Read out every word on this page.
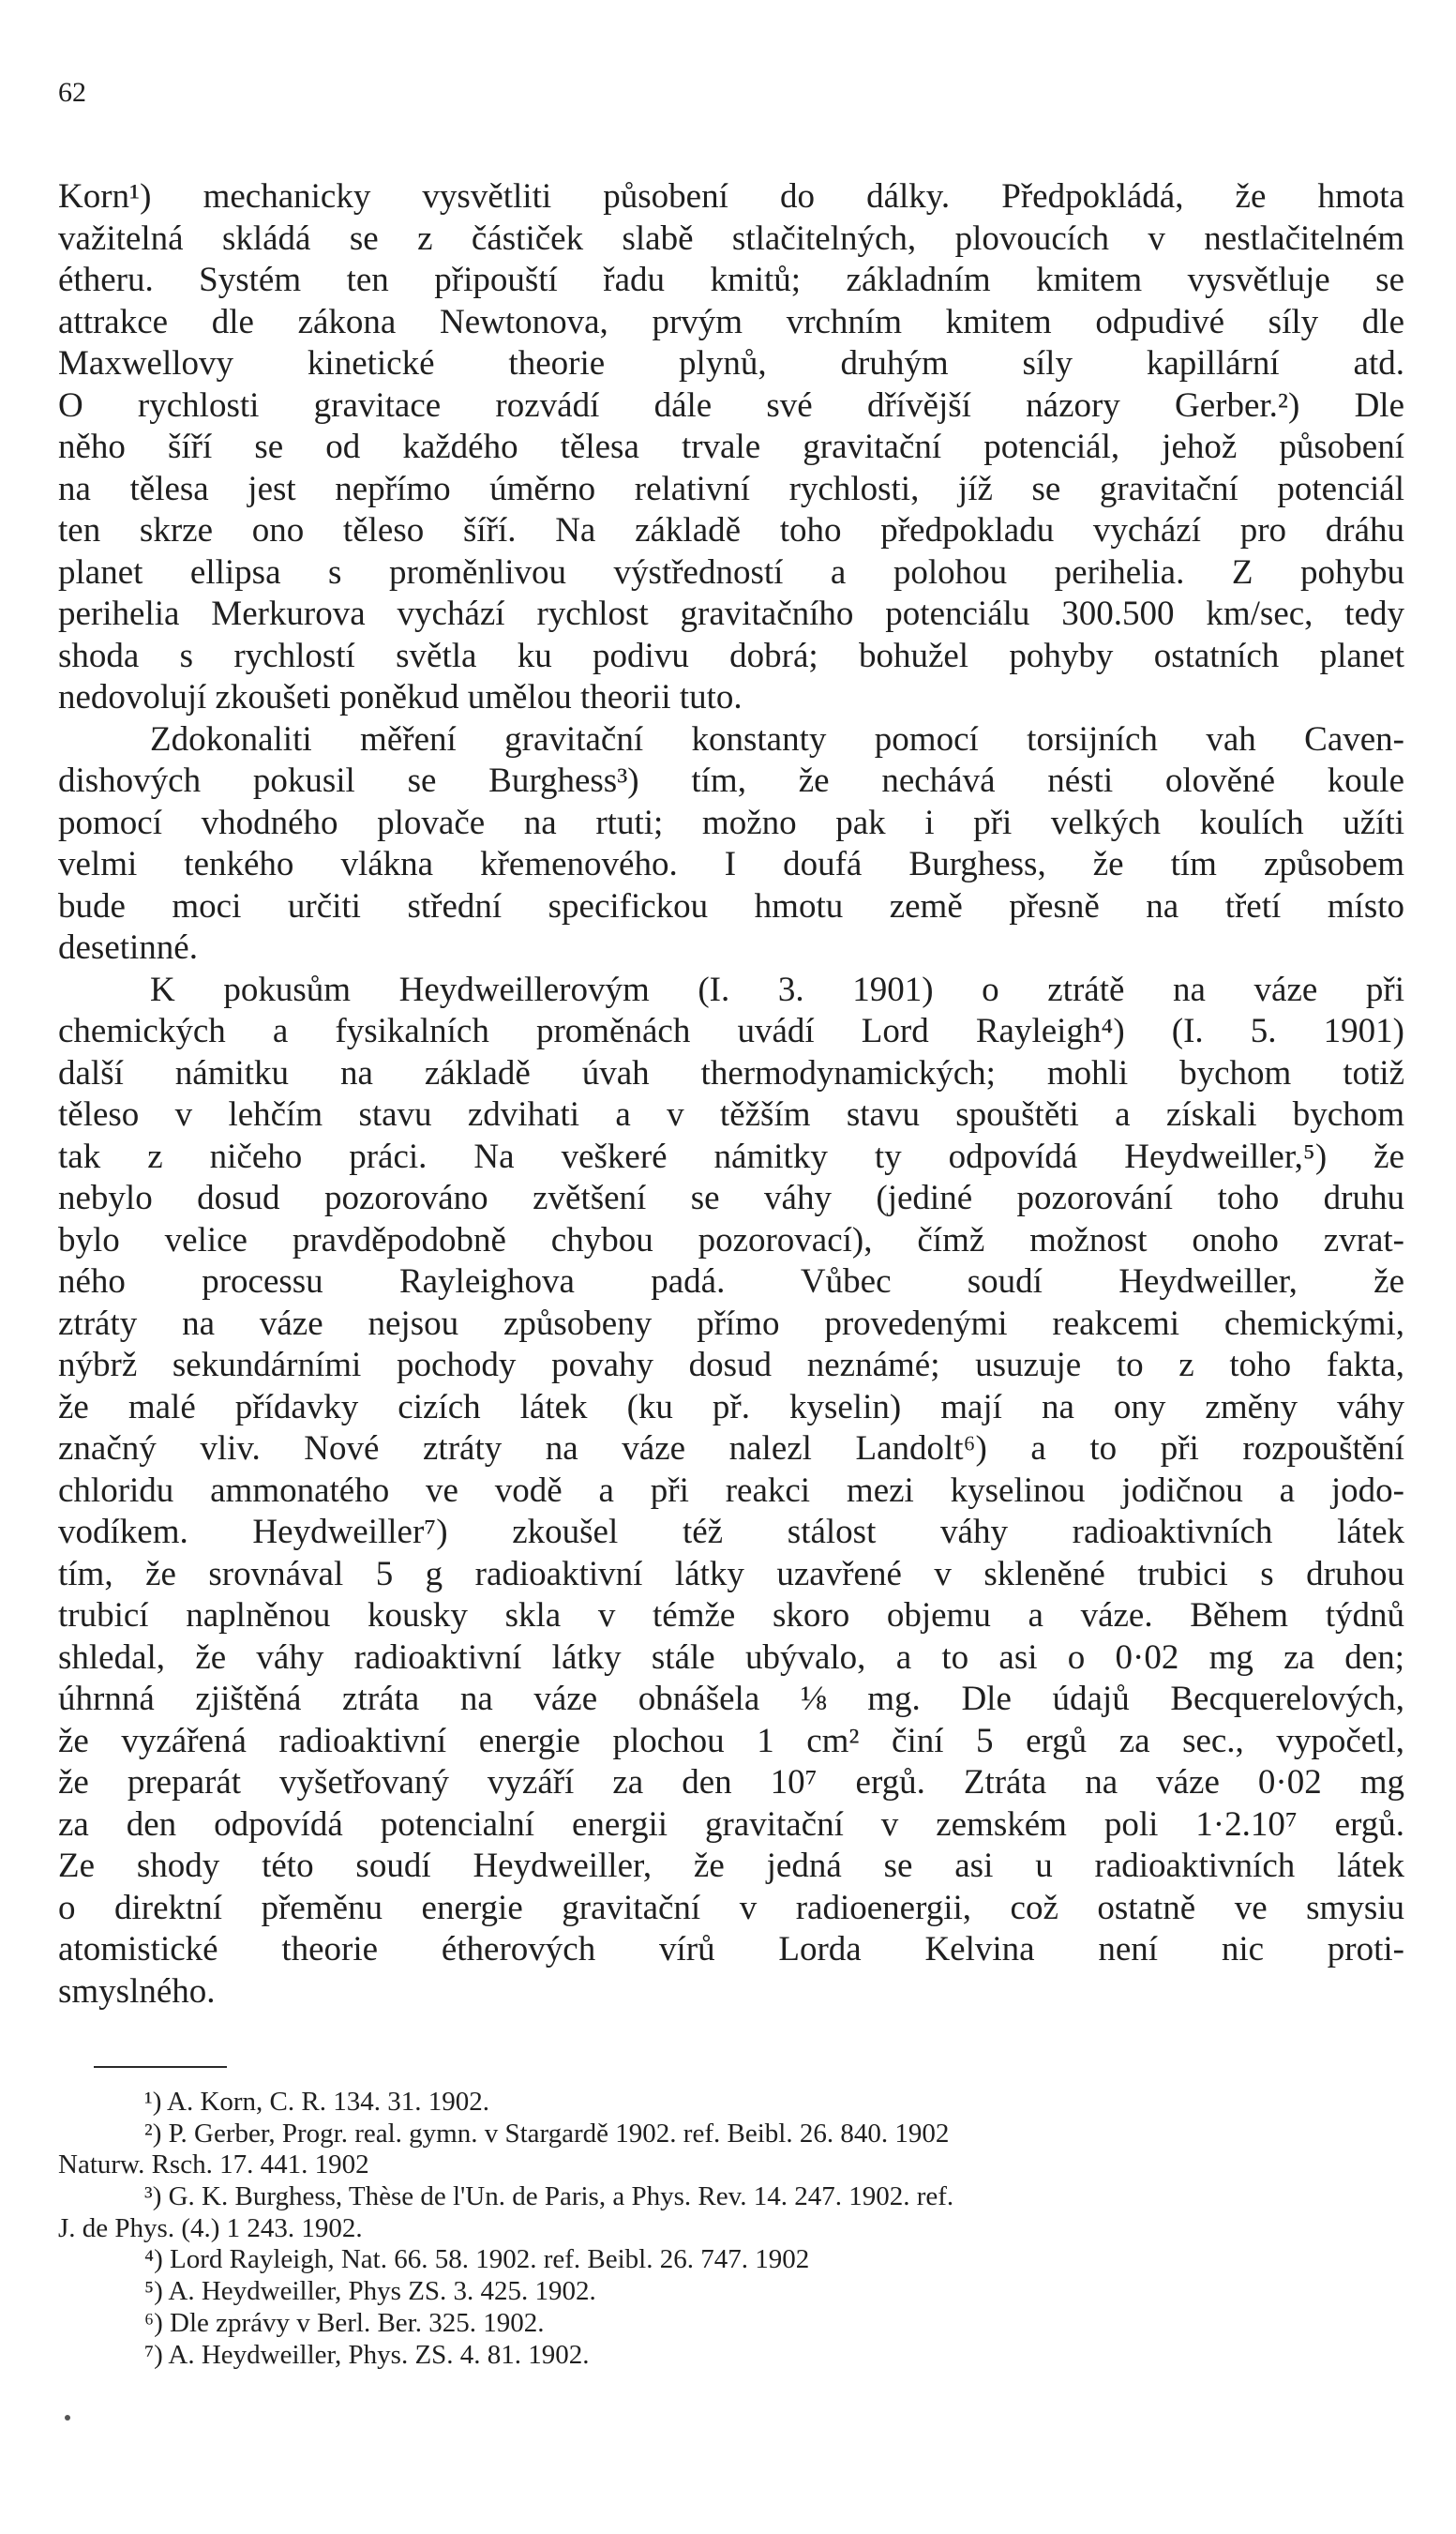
62
Korn¹) mechanicky vysvětliti působení do dálky. Předpokládá, že hmota
važitelná skládá se z částiček slabě stlačitelných, plovoucích v nestlačitelném
étheru. Systém ten připouští řadu kmitů; základním kmitem vysvětluje se
attrakce dle zákona Newtonova, prvým vrchním kmitem odpudivé síly dle
Maxwellovy kinetické theorie plynů, druhým síly kapillární atd.
O rychlosti gravitace rozvádí dále své dřívější názory Gerber.²) Dle
něho šíří se od každého tělesa trvale gravitační potenciál, jehož působení
na tělesa jest nepřímo úměrno relativní rychlosti, jíž se gravitační potenciál
ten skrze ono těleso šíří. Na základě toho předpokladu vychází pro dráhu
planet ellipsa s proměnlivou výstředností a polohou perihelia. Z pohybu
perihelia Merkurova vychází rychlost gravitačního potenciálu 300.500 km/sec, tedy
shoda s rychlostí světla ku podivu dobrá; bohužel pohyby ostatních planet
nedovolují zkoušeti poněkud umělou theorii tuto.
Zdokonaliti měření gravitační konstanty pomocí torsijních vah Caven-
dishových pokusil se Burghess³) tím, že nechává nésti olověné koule
pomocí vhodného plovače na rtuti; možno pak i při velkých koulích užíti
velmi tenkého vlákna křemenového. I doufá Burghess, že tím způsobem
bude moci určiti střední specifickou hmotu země přesně na třetí místo
desetinné.
K pokusům Heydweillerovým (I. 3. 1901) o ztrátě na váze při
chemických a fysikalních proměnách uvádí Lord Rayleigh⁴) (I. 5. 1901)
další námitku na základě úvah thermodynamických; mohli bychom totiž
těleso v lehčím stavu zdvihati a v těžším stavu spouštěti a získali bychom
tak z ničeho práci. Na veškeré námitky ty odpovídá Heydweiller,⁵) že
nebylo dosud pozorováno zvětšení se váhy (jediné pozorování toho druhu
bylo velice pravděpodobně chybou pozorovací), čímž možnost onoho zvrat-
ného processu Rayleighova padá. Vůbec soudí Heydweiller, že
ztráty na váze nejsou způsobeny přímo provedenými reakcemi chemickými,
nýbrž sekundárními pochody povahy dosud neznámé; usuzuje to z toho fakta,
že malé přídavky cizích látek (ku př. kyselin) mají na ony změny váhy
značný vliv. Nové ztráty na váze nalezl Landolt⁶) a to při rozpouštění
chloridu ammonatého ve vodě a při reakci mezi kyselinou jodičnou a jodo-
vodíkem. Heydweiller⁷) zkoušel též stálost váhy radioaktivních látek
tím, že srovnával 5 g radioaktivní látky uzavřené v skleněné trubici s druhou
trubicí naplněnou kousky skla v témže skoro objemu a váze. Během týdnů
shledal, že váhy radioaktivní látky stále ubývalo, a to asi o 0·02 mg za den;
úhrnná zjištěná ztráta na váze obnášela ⅛ mg. Dle údajů Becquerelových,
že vyzářená radioaktivní energie plochou 1 cm² činí 5 ergů za sec., vypočetl,
že preparát vyšetřovaný vyzáří za den 10⁷ ergů. Ztráta na váze 0·02 mg
za den odpovídá potencialní energii gravitační v zemském poli 1·2.10⁷ ergů.
Ze shody této soudí Heydweiller, že jedná se asi u radioaktivních látek
o direktní přeměnu energie gravitační v radioenergii, což ostatně ve smysiu
atomistické theorie étherových vírů Lorda Kelvina není nic proti-
smyslného.
¹) A. Korn, C. R. 134. 31. 1902.
²) P. Gerber, Progr. real. gymn. v Stargardě 1902. ref. Beibl. 26. 840. 1902
Naturw. Rsch. 17. 441. 1902
³) G. K. Burghess, Thèse de l'Un. de Paris, a Phys. Rev. 14. 247. 1902. ref.
J. de Phys. (4.) 1 243. 1902.
⁴) Lord Rayleigh, Nat. 66. 58. 1902. ref. Beibl. 26. 747. 1902
⁵) A. Heydweiller, Phys ZS. 3. 425. 1902.
⁶) Dle zprávy v Berl. Ber. 325. 1902.
⁷) A. Heydweiller, Phys. ZS. 4. 81. 1902.
